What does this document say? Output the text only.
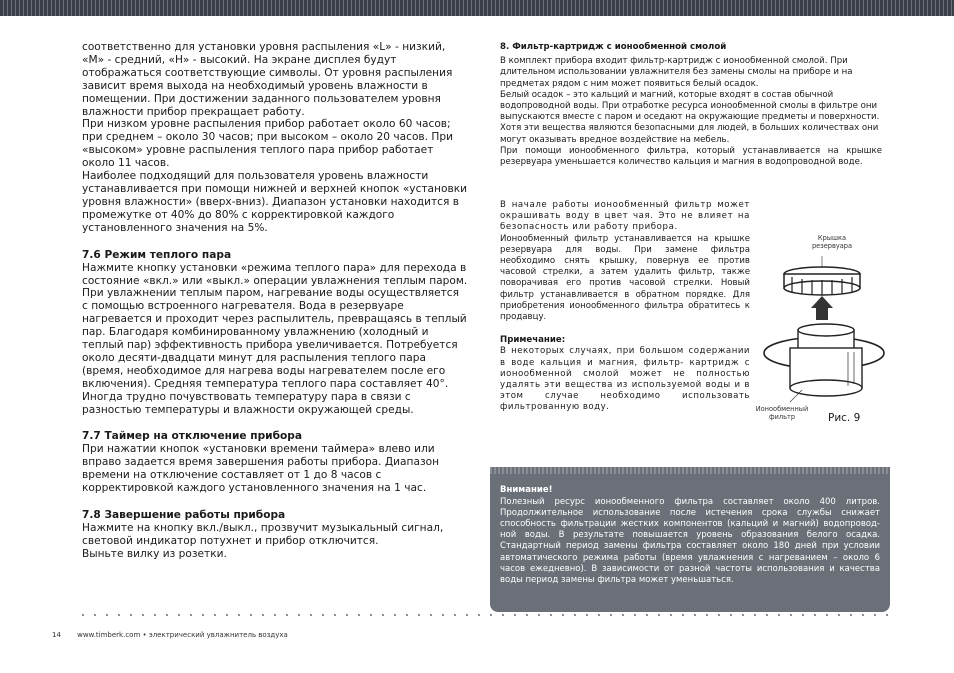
соответственно для установки уровня распыления «L» - низкий, «M» - средний, «H» - высокий. На экране дисплея будут отображаться соответствующие символы. От уровня распыления зависит время выхода на необходимый уровень влажности в помещении. При достижении заданного пользователем уровня влажности прибор прекращает работу.

При низком уровне распыления прибор работает около 60 часов; при среднем – около 30 часов; при высоком – около 20 часов. При «высоком» уровне распыления теплого пара прибор работает около 11 часов.

Наиболее подходящий для пользователя уровень влажности устанавливается при помощи нижней и верхней кнопок «установки уровня влажности» (вверх-вниз). Диапазон установки находится в промежутке от 40% до 80% с корректировкой каждого установленного значения на 5%.

7.6 Режим теплого пара

Нажмите кнопку установки «режима теплого пара» для перехода в состояние «вкл.» или «выкл.» операции увлажнения теплым паром. При увлажнении теплым паром, нагревание воды осуществляется с помощью встроенного нагревателя. Вода в резервуаре нагревается и проходит через распылитель, превращаясь в теплый пар. Благодаря комбинированному увлажнению (холодный и теплый пар) эффективность прибора увеличивается. Потребуется около десяти-двадцати минут для распыления теплого пара (время, необходимое для нагрева воды нагревателем после его включения). Средняя температура теплого пара составляет 40°. Иногда трудно почувствовать температуру пара в связи с разностью температуры и влажности окружающей среды.

7.7 Таймер на отключение прибора

При нажатии кнопок «установки времени таймера» влево или вправо задается время завершения работы прибора. Диапазон времени на отключение составляет от 1 до 8 часов с корректировкой каждого установленного значения на 1 час.

7.8 Завершение работы прибора

Нажмите на кнопку вкл./выкл., прозвучит музыкальный сигнал, световой индикатор потухнет и прибор отключится.

Выньте вилку из розетки.

8. Фильтр-картридж с ионообменной смолой

В комплект прибора входит фильтр-картридж с ионообменной смолой. При длительном использовании увлажнителя без замены смолы на приборе и на предметах рядом с ним может появиться белый осадок.

Белый осадок – это кальций и магний, которые входят в состав обычной водопроводной воды. При отработке ресурса ионообменной смолы в фильтре они выпускаются вместе с паром и оседают на окружающие предметы и поверхности.

Хотя эти вещества являются безопасными для людей, в больших количествах они могут оказывать вредное воздействие на мебель.

При помощи ионообменного фильтра, который устанавливается на крышке резервуара уменьшается количество кальция и магния в водопроводной воде.

В начале работы ионообменный фильтр может окрашивать воду в цвет чая. Это не влияет на безопасность или работу прибора.

Ионообменный фильтр устанавливается на крышке резервуара для воды. При замене фильтра необходимо снять крышку, повернув ее против часовой стрелки, а затем удалить фильтр, также поворачивая его против часовой стрелки. Новый фильтр устанавливается в обратном порядке. Для приобретения ионообменного фильтра обратитесь к продавцу.

Примечание:

В некоторых случаях, при большом содержании в воде кальция и магния, фильтр- картридж с ионообменной смолой может не полностью удалять эти вещества из используемой воды и в этом случае необходимо использовать фильтрованную воду.

Крышка резервуара
Ионообменный фильтр	Рис. 9
Внимание!
Полезный ресурс ионообменного фильтра составляет около 400 литров. Продолжительное использование после истечения срока службы снижает способность фильтрации жестких компонентов (кальций и магний) водопровод- ной воды. В результате повышается уровень образования белого осадка. Стандартный период замены фильтра составляет около 180 дней при условии автоматического режима работы (время увлажнения с нагреванием – около 6 часов ежедневно). В зависимости от разной частоты использования и качества воды период замены фильтра может уменьшаться.
14 www.timberk.com • электрический увлажнитель воздуха
